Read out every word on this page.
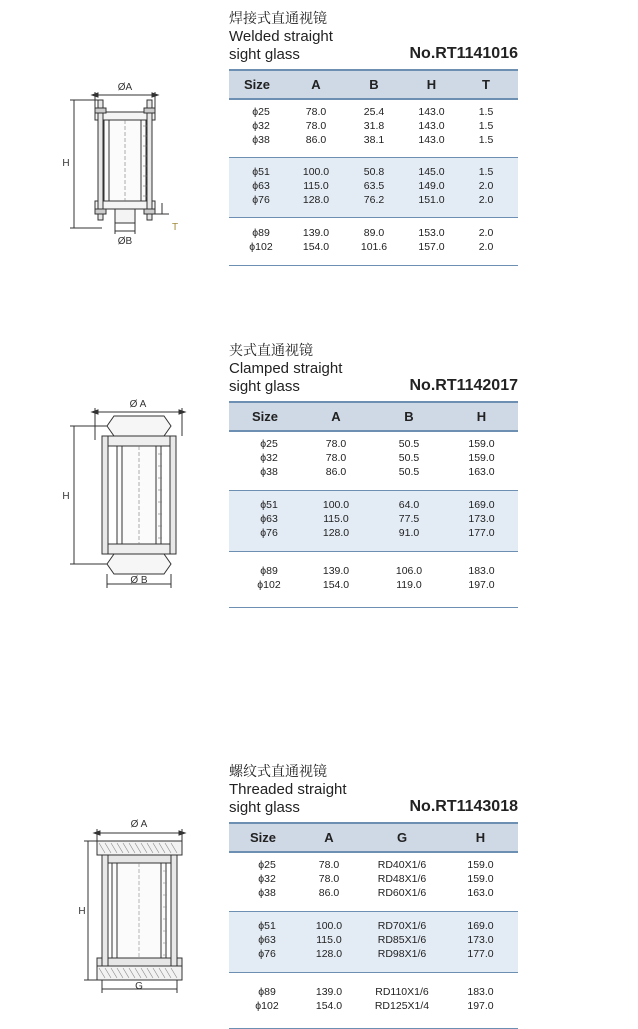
焊接式直通视镜
Welded straight
sight glass	No.RT1141016
ØA
H
ØB
T
Size	A	B	H	T
ϕ25	78.0	25.4	143.0	1.5
ϕ32	78.0	31.8	143.0	1.5
ϕ38	86.0	38.1	143.0	1.5
ϕ51	100.0	50.8	145.0	1.5
ϕ63	115.0	63.5	149.0	2.0
ϕ76	128.0	76.2	151.0	2.0
ϕ89	139.0	89.0	153.0	2.0
ϕ102	154.0	101.6	157.0	2.0
夹式直通视镜
Clamped straight
sight glass	No.RT1142017
Ø A
H
Ø B
Size	A	B	H
ϕ25	78.0	50.5	159.0
ϕ32	78.0	50.5	159.0
ϕ38	86.0	50.5	163.0
ϕ51	100.0	64.0	169.0
ϕ63	115.0	77.5	173.0
ϕ76	128.0	91.0	177.0
ϕ89	139.0	106.0	183.0
ϕ102	154.0	119.0	197.0
螺纹式直通视镜
Threaded straight
sight glass	No.RT1143018
Ø A
H
G
Size	A	G	H
ϕ25	78.0	RD40X1/6	159.0
ϕ32	78.0	RD48X1/6	159.0
ϕ38	86.0	RD60X1/6	163.0
ϕ51	100.0	RD70X1/6	169.0
ϕ63	115.0	RD85X1/6	173.0
ϕ76	128.0	RD98X1/6	177.0
ϕ89	139.0	RD110X1/6	183.0
ϕ102	154.0	RD125X1/4	197.0
